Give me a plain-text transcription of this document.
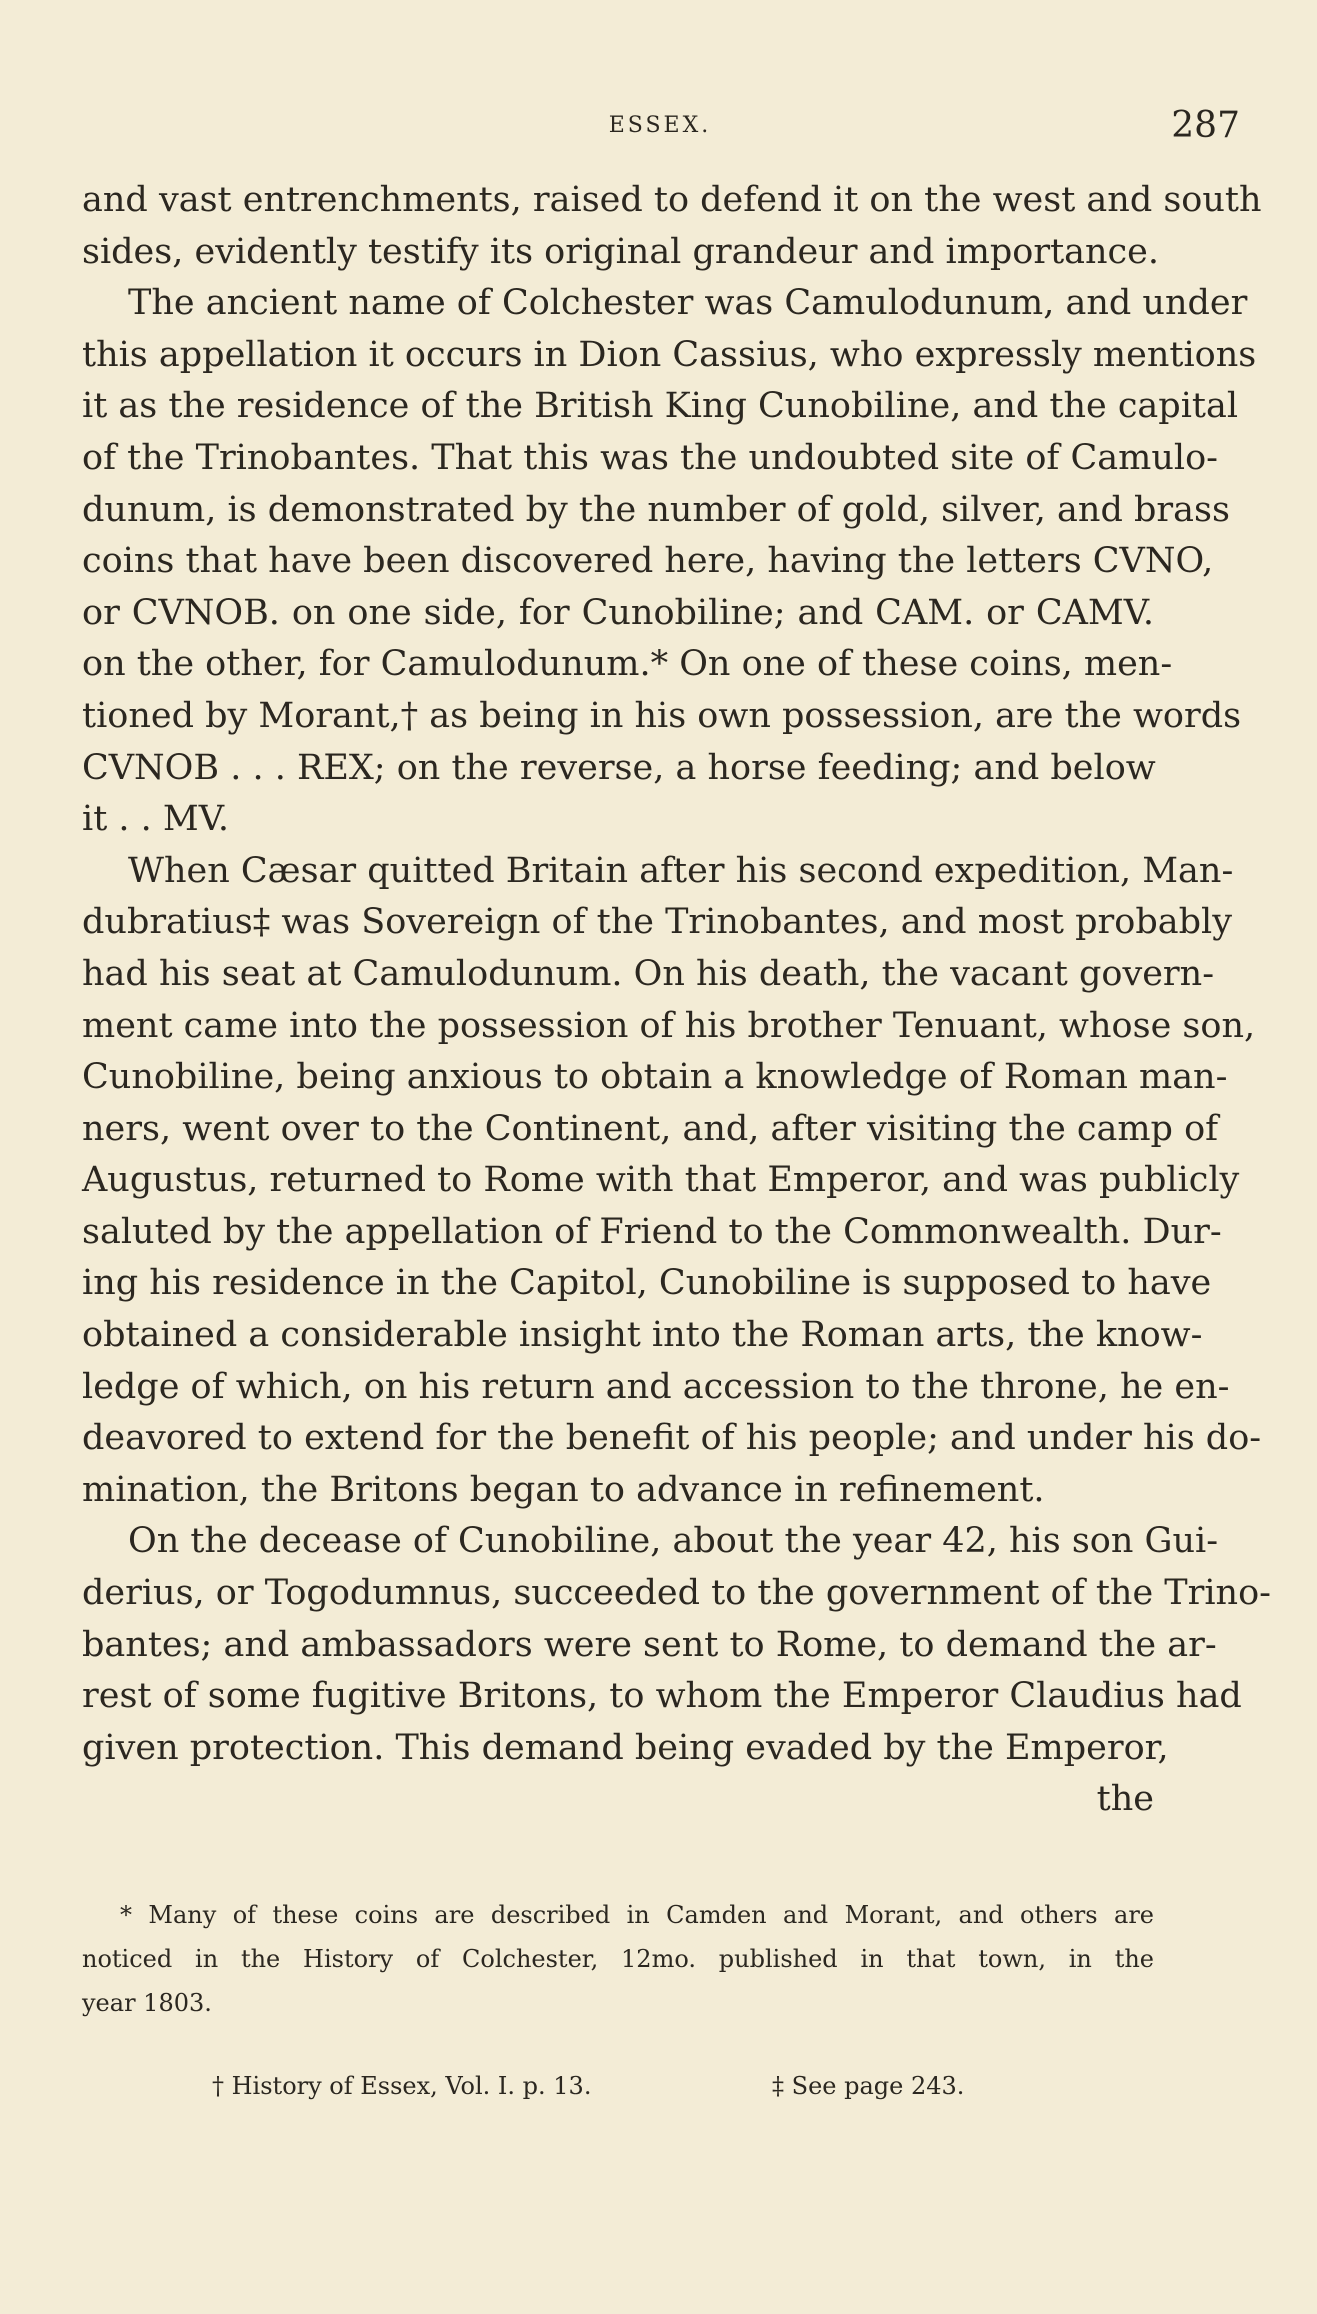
ESSEX.	287
and vast entrenchments, raised to defend it on the west and south
sides, evidently testify its original grandeur and importance.
The ancient name of Colchester was Camulodunum, and under
this appellation it occurs in Dion Cassius, who expressly mentions
it as the residence of the British King Cunobiline, and the capital
of the Trinobantes. That this was the undoubted site of Camulo-
dunum, is demonstrated by the number of gold, silver, and brass
coins that have been discovered here, having the letters CVNO,
or CVNOB. on one side, for Cunobiline; and CAM. or CAMV.
on the other, for Camulodunum.* On one of these coins, men-
tioned by Morant,† as being in his own possession, are the words
CVNOB . . . REX; on the reverse, a horse feeding; and below
it . . MV.
When Cæsar quitted Britain after his second expedition, Man-
dubratius‡ was Sovereign of the Trinobantes, and most probably
had his seat at Camulodunum. On his death, the vacant govern-
ment came into the possession of his brother Tenuant, whose son,
Cunobiline, being anxious to obtain a knowledge of Roman man-
ners, went over to the Continent, and, after visiting the camp of
Augustus, returned to Rome with that Emperor, and was publicly
saluted by the appellation of Friend to the Commonwealth. Dur-
ing his residence in the Capitol, Cunobiline is supposed to have
obtained a considerable insight into the Roman arts, the know-
ledge of which, on his return and accession to the throne, he en-
deavored to extend for the benefit of his people; and under his do-
mination, the Britons began to advance in refinement.
On the decease of Cunobiline, about the year 42, his son Gui-
derius, or Togodumnus, succeeded to the government of the Trino-
bantes; and ambassadors were sent to Rome, to demand the ar-
rest of some fugitive Britons, to whom the Emperor Claudius had
given protection. This demand being evaded by the Emperor,
the
* Many of these coins are described in Camden and Morant, and others are
noticed in the History of Colchester, 12mo. published in that town, in the
year 1803.
† History of Essex, Vol. I. p. 13.	‡ See page 243.
